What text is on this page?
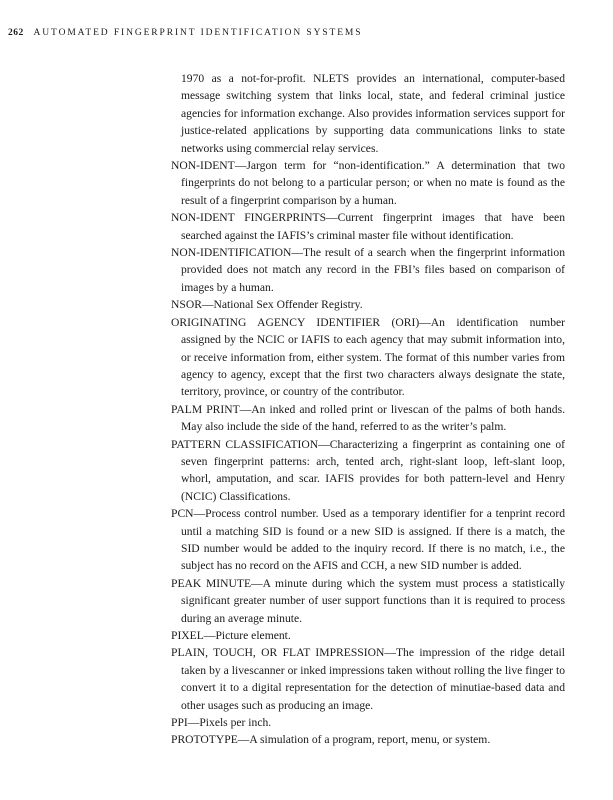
262 AUTOMATED FINGERPRINT IDENTIFICATION SYSTEMS

1970 as a not-for-profit. NLETS provides an international, computer-based message switching system that links local, state, and federal criminal justice agencies for information exchange. Also provides information services support for justice-related applications by supporting data communications links to state networks using commercial relay services.

NON-IDENT—Jargon term for “non-identification.” A determination that two fingerprints do not belong to a particular person; or when no mate is found as the result of a fingerprint comparison by a human.

NON-IDENT FINGERPRINTS—Current fingerprint images that have been searched against the IAFIS’s criminal master file without identification.

NON-IDENTIFICATION—The result of a search when the fingerprint information provided does not match any record in the FBI’s files based on comparison of images by a human.

NSOR—National Sex Offender Registry.

ORIGINATING AGENCY IDENTIFIER (ORI)—An identification number assigned by the NCIC or IAFIS to each agency that may submit information into, or receive information from, either system. The format of this number varies from agency to agency, except that the first two characters always designate the state, territory, province, or country of the contributor.

PALM PRINT—An inked and rolled print or livescan of the palms of both hands. May also include the side of the hand, referred to as the writer’s palm.

PATTERN CLASSIFICATION—Characterizing a fingerprint as containing one of seven fingerprint patterns: arch, tented arch, right-slant loop, left-slant loop, whorl, amputation, and scar. IAFIS provides for both pattern-level and Henry (NCIC) Classifications.

PCN—Process control number. Used as a temporary identifier for a tenprint record until a matching SID is found or a new SID is assigned. If there is a match, the SID number would be added to the inquiry record. If there is no match, i.e., the subject has no record on the AFIS and CCH, a new SID number is added.

PEAK MINUTE—A minute during which the system must process a statistically significant greater number of user support functions than it is required to process during an average minute.

PIXEL—Picture element.

PLAIN, TOUCH, OR FLAT IMPRESSION—The impression of the ridge detail taken by a livescanner or inked impressions taken without rolling the live finger to convert it to a digital representation for the detection of minutiae-based data and other usages such as producing an image.

PPI—Pixels per inch.

PROTOTYPE—A simulation of a program, report, menu, or system.
